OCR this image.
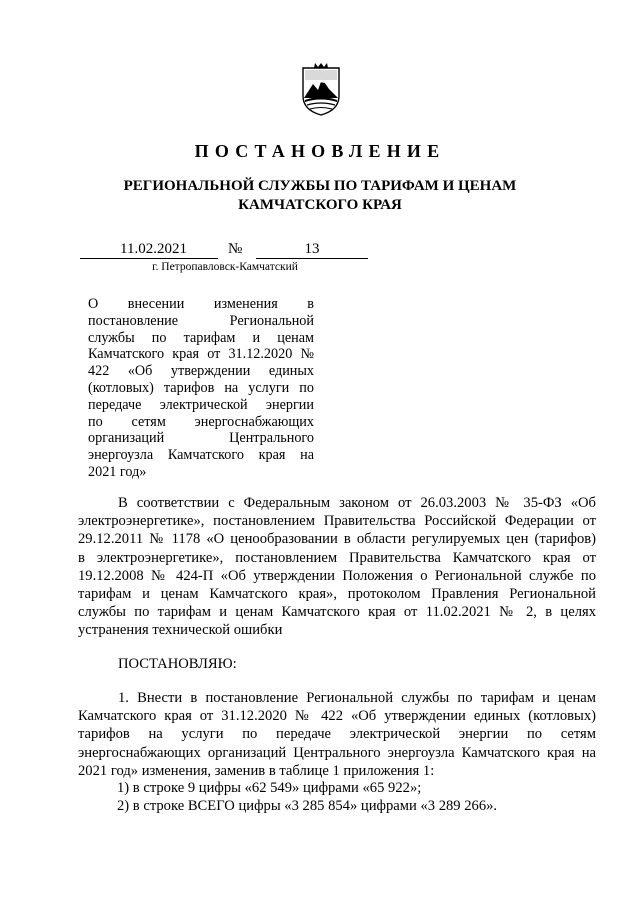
ПОСТАНОВЛЕНИЕ
РЕГИОНАЛЬНОЙ СЛУЖБЫ ПО ТАРИФАМ И ЦЕНАМ
КАМЧАТСКОГО КРАЯ
11.02.2021	№	13
г. Петропавловск-Камчатский
О внесении изменения в
постановление Региональной
службы по тарифам и ценам
Камчатского края от 31.12.2020 №
422 «Об утверждении единых
(котловых) тарифов на услуги по
передаче электрической энергии
по сетям энергоснабжающих
организаций Центрального
энергоузла Камчатского края на
2021 год»
В соответствии с Федеральным законом от 26.03.2003 № 35-ФЗ «Об
электроэнергетике», постановлением Правительства Российской Федерации от
29.12.2011 № 1178 «О ценообразовании в области регулируемых цен (тарифов)
в электроэнергетике», постановлением Правительства Камчатского края от
19.12.2008 № 424-П «Об утверждении Положения о Региональной службе по
тарифам и ценам Камчатского края», протоколом Правления Региональной
службы по тарифам и ценам Камчатского края от 11.02.2021 № 2, в целях
устранения технической ошибки
ПОСТАНОВЛЯЮ:
1. Внести в постановление Региональной службы по тарифам и ценам
Камчатского края от 31.12.2020 № 422 «Об утверждении единых (котловых)
тарифов на услуги по передаче электрической энергии по сетям
энергоснабжающих организаций Центрального энергоузла Камчатского края на
2021 год» изменения, заменив в таблице 1 приложения 1:
1) в строке 9 цифры «62 549» цифрами «65 922»;
2) в строке ВСЕГО цифры «3 285 854» цифрами «3 289 266».
